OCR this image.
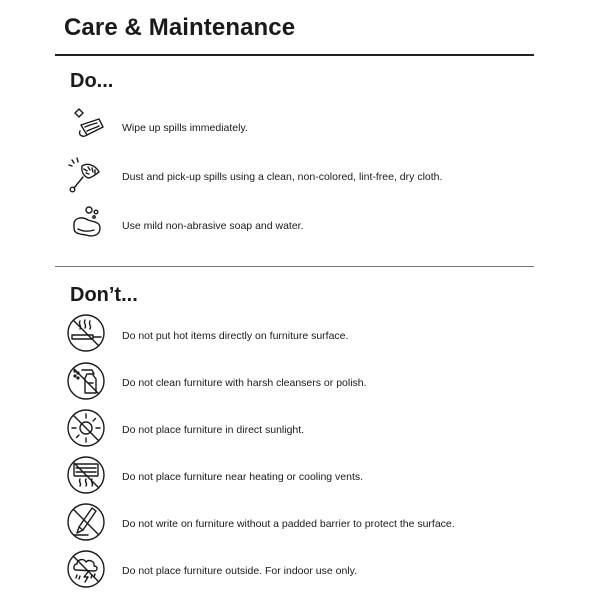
Care & Maintenance
Do...
Wipe up spills immediately.
Dust and pick-up spills using a clean, non-colored, lint-free, dry cloth.
Use mild non-abrasive soap and water.
Don’t...
Do not put hot items directly on furniture surface.
Do not clean furniture with harsh cleansers or polish.
Do not place furniture in direct sunlight.
Do not place furniture near heating or cooling vents.
Do not write on furniture without a padded barrier to protect the surface.
Do not place furniture outside. For indoor use only.
